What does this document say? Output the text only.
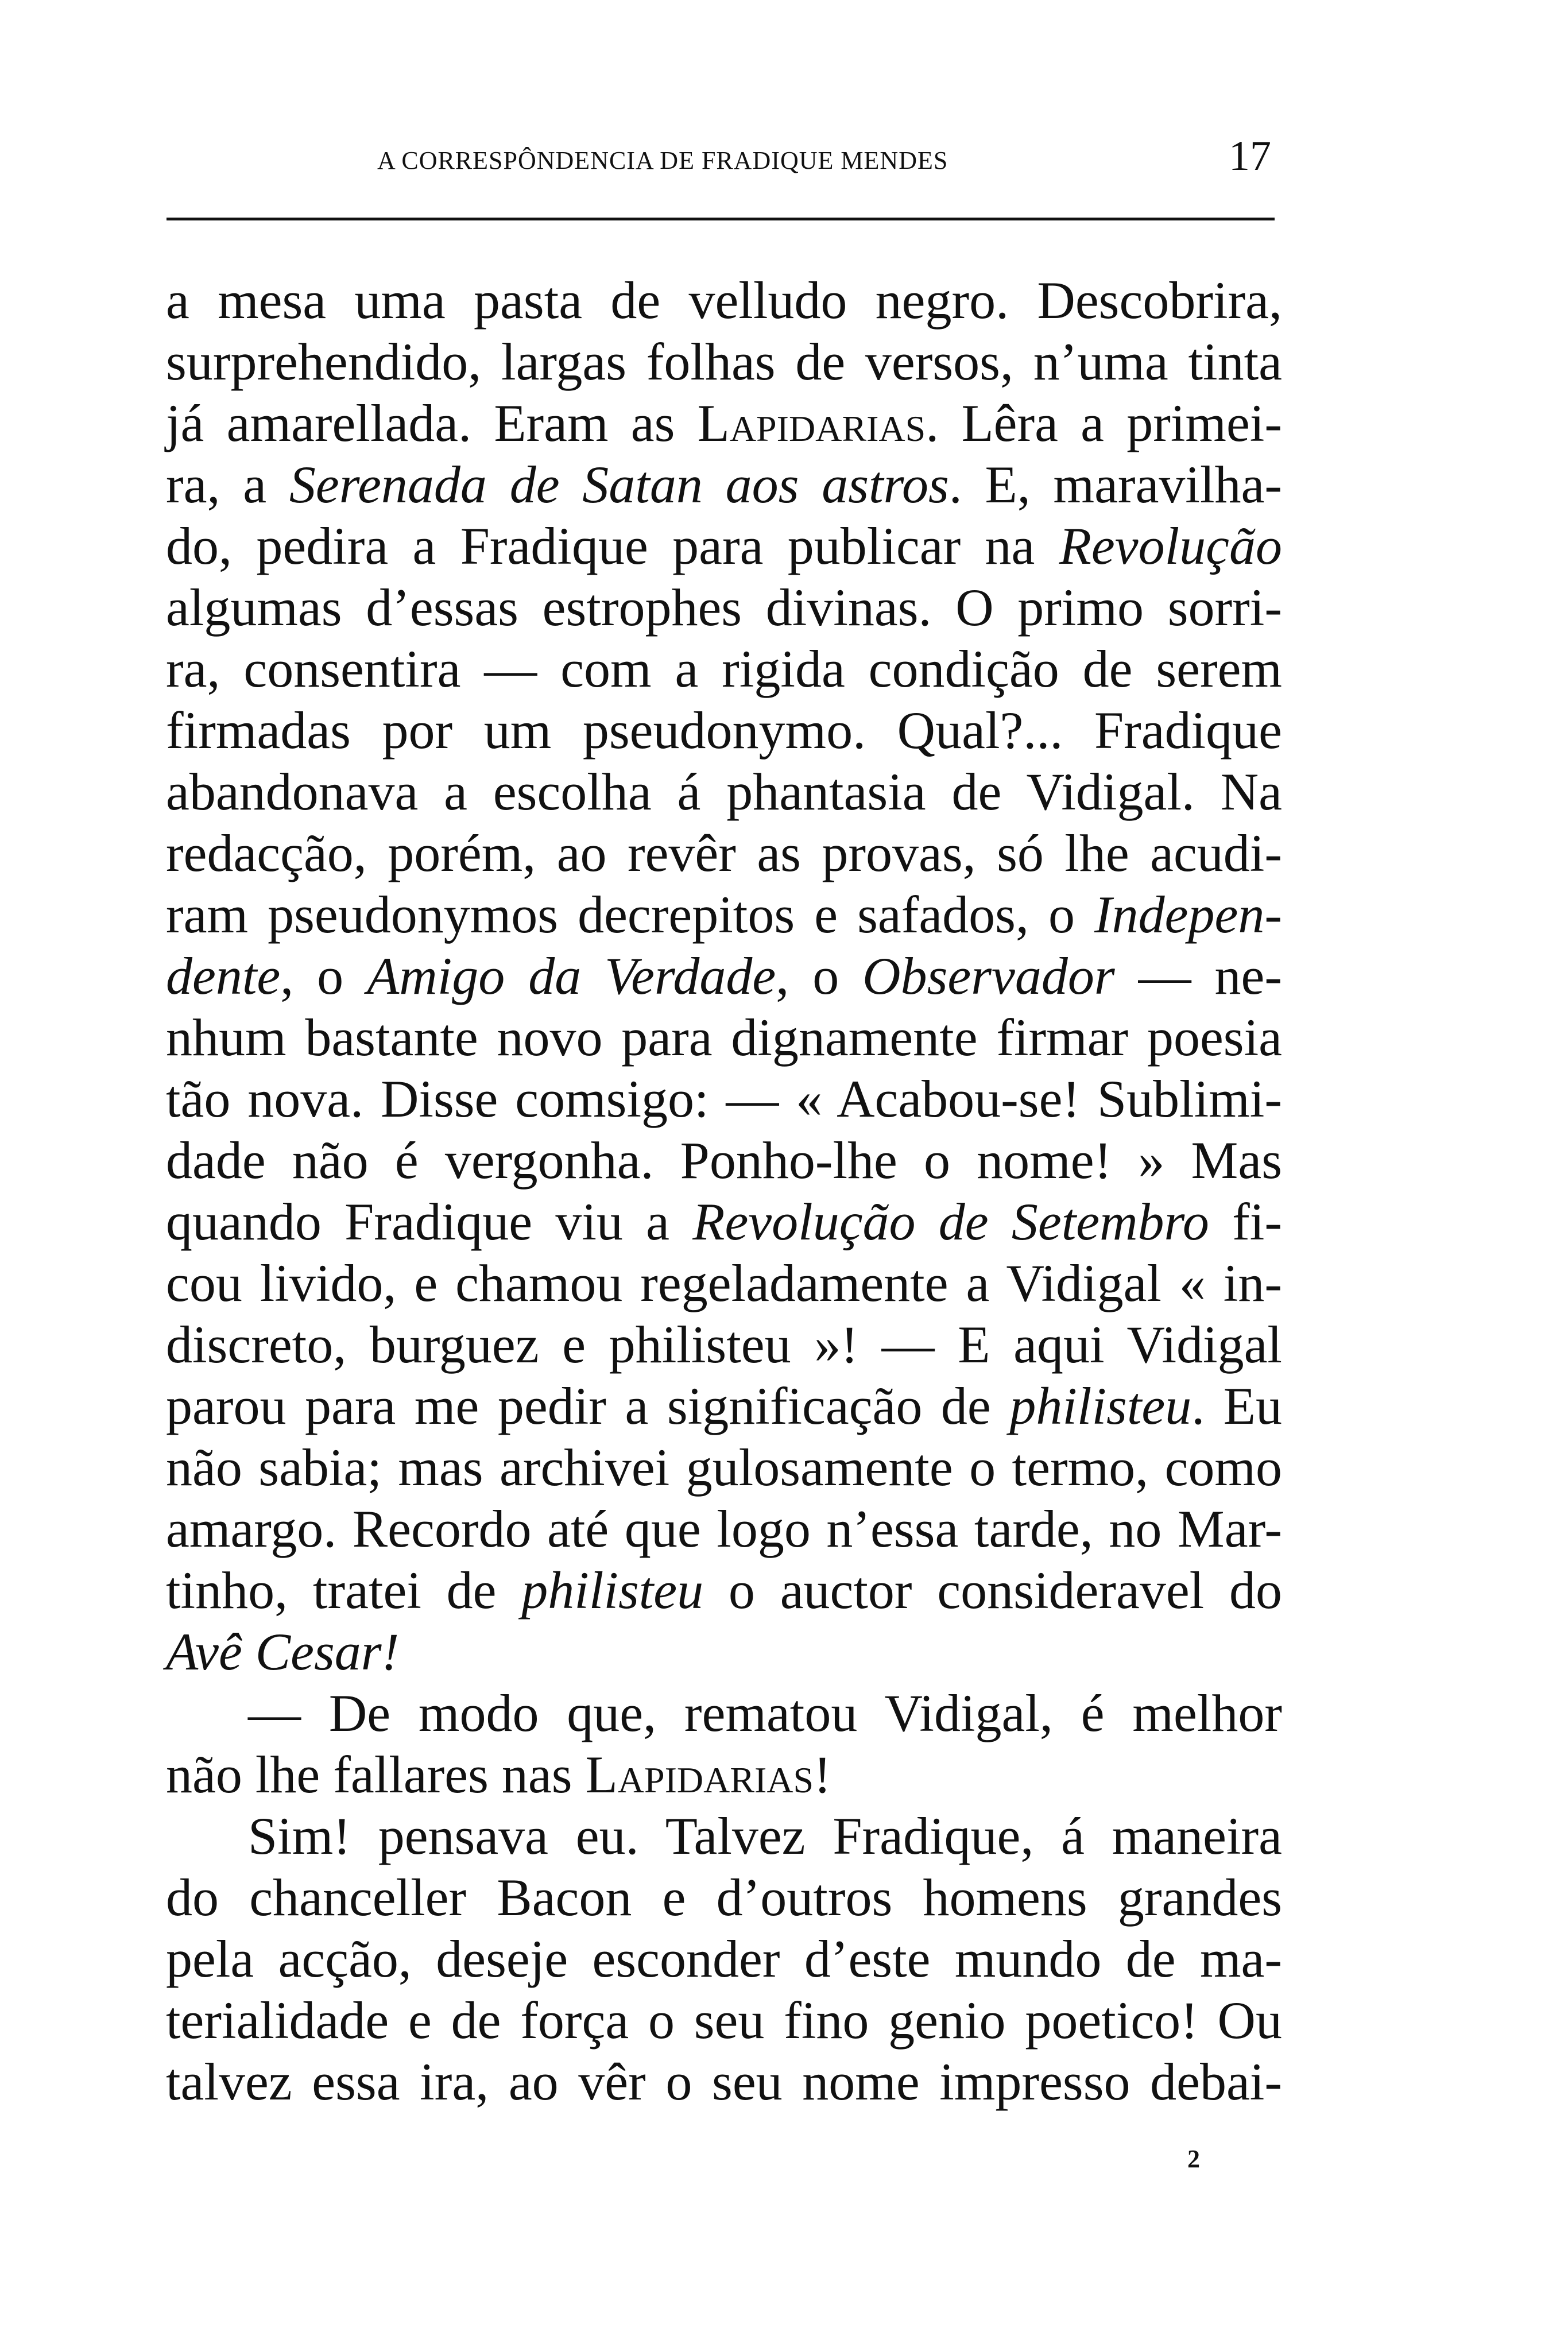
A CORRESPÔNDENCIA DE FRADIQUE MENDES	17
a mesa uma pasta de velludo negro. Descobrira,
surprehendido, largas folhas de versos, n’uma tinta
já amarellada. Eram as Lapidarias. Lêra a primei-
ra, a Serenada de Satan aos astros. E, maravilha-
do, pedira a Fradique para publicar na Revolução
algumas d’essas estrophes divinas. O primo sorri-
ra, consentira — com a rigida condição de serem
firmadas por um pseudonymo. Qual?... Fradique
abandonava a escolha á phantasia de Vidigal. Na
redacção, porém, ao revêr as provas, só lhe acudi-
ram pseudonymos decrepitos e safados, o Indepen-
dente, o Amigo da Verdade, o Observador — ne-
nhum bastante novo para dignamente firmar poesia
tão nova. Disse comsigo: — « Acabou-se! Sublimi-
dade não é vergonha. Ponho-lhe o nome! » Mas
quando Fradique viu a Revolução de Setembro fi-
cou livido, e chamou regeladamente a Vidigal « in-
discreto, burguez e philisteu »! — E aqui Vidigal
parou para me pedir a significação de philisteu. Eu
não sabia; mas archivei gulosamente o termo, como
amargo. Recordo até que logo n’essa tarde, no Mar-
tinho, tratei de philisteu o auctor consideravel do
Avê Cesar!
— De modo que, rematou Vidigal, é melhor
não lhe fallares nas Lapidarias!
Sim! pensava eu. Talvez Fradique, á maneira
do chanceller Bacon e d’outros homens grandes
pela acção, deseje esconder d’este mundo de ma-
terialidade e de força o seu fino genio poetico! Ou
talvez essa ira, ao vêr o seu nome impresso debai-
2
